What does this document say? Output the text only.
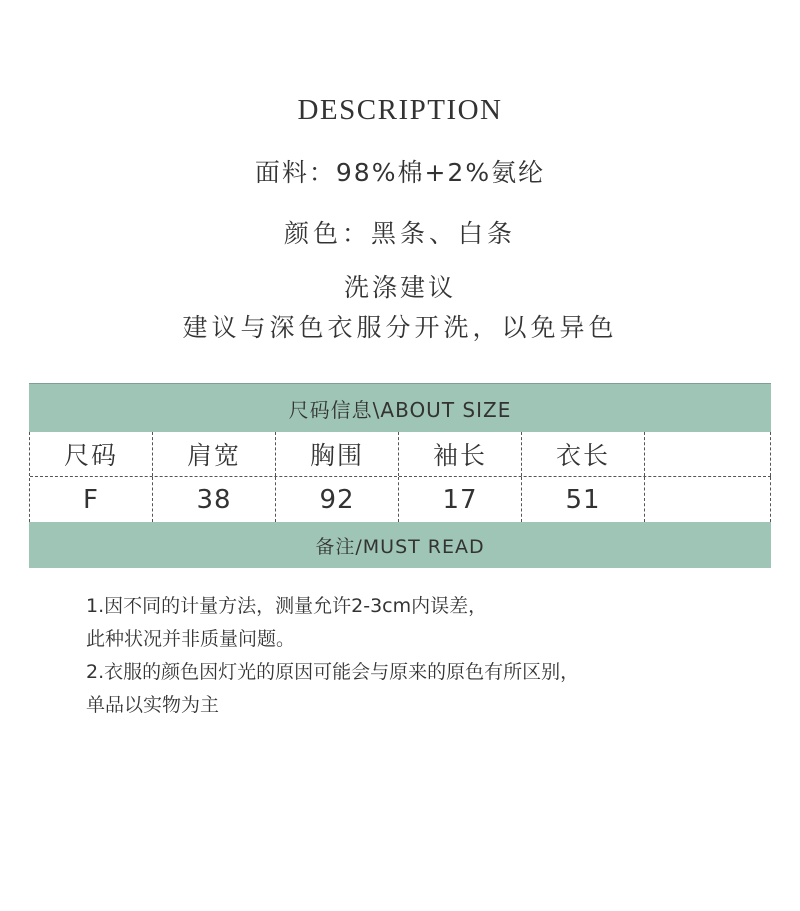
DESCRIPTION
面料：98%棉+2%氨纶
颜色：黑条、白条
洗涤建议
建议与深色衣服分开洗，以免异色
尺码信息\ABOUT SIZE
尺码	肩宽	胸围	袖长	衣长
F	38	92	17	51
备注/MUST READ
1.因不同的计量方法，测量允许2-3cm内误差，
此种状况并非质量问题。
2.衣服的颜色因灯光的原因可能会与原来的原色有所区别，
单品以实物为主
